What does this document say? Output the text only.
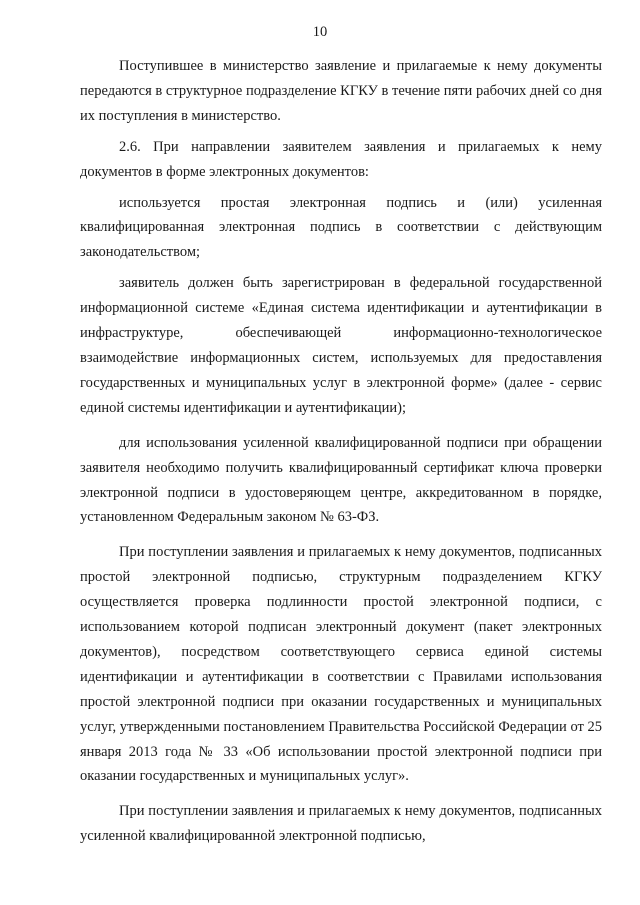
10

Поступившее в министерство заявление и прилагаемые к нему документы передаются в структурное подразделение КГКУ в течение пяти рабочих дней со дня их поступления в министерство.

2.6. При направлении заявителем заявления и прилагаемых к нему документов в форме электронных документов:

используется простая электронная подпись и (или) усиленная квалифицированная электронная подпись в соответствии с действующим законодательством;

заявитель должен быть зарегистрирован в федеральной государственной информационной системе «Единая система идентификации и аутентификации в инфраструктуре, обеспечивающей информационно-технологическое взаимодействие информационных систем, используемых для предоставления государственных и муниципальных услуг в электронной форме» (далее - сервис единой системы идентификации и аутентификации);

для использования усиленной квалифицированной подписи при обращении заявителя необходимо получить квалифицированный сертификат ключа проверки электронной подписи в удостоверяющем центре, аккредитованном в порядке, установленном Федеральным законом № 63-ФЗ.

При поступлении заявления и прилагаемых к нему документов, подписанных простой электронной подписью, структурным подразделением КГКУ осуществляется проверка подлинности простой электронной подписи, с использованием которой подписан электронный документ (пакет электронных документов), посредством соответствующего сервиса единой системы идентификации и аутентификации в соответствии с Правилами использования простой электронной подписи при оказании государственных и муниципальных услуг, утвержденными постановлением Правительства Российской Федерации от 25 января 2013 года № 33 «Об использовании простой электронной подписи при оказании государственных и муниципальных услуг».

При поступлении заявления и прилагаемых к нему документов, подписанных усиленной квалифицированной электронной подписью,
